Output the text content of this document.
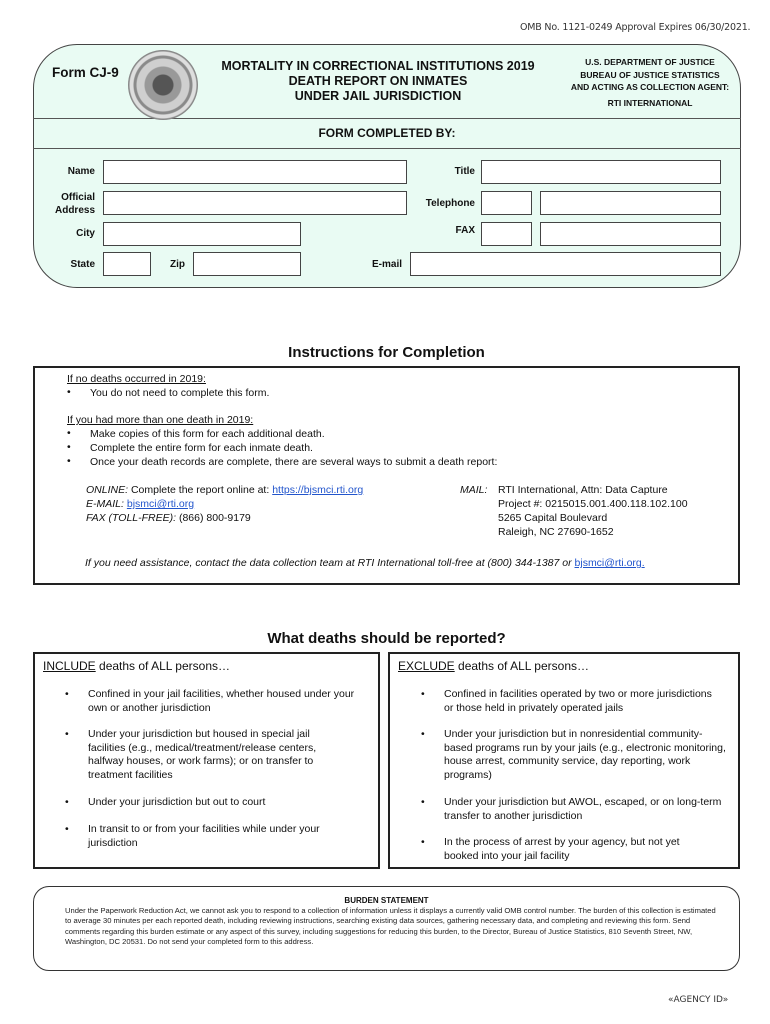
OMB No. 1121-0249 Approval Expires 06/30/2021.
Form CJ-9	MORTALITY IN CORRECTIONAL INSTITUTIONS 2019
DEATH REPORT ON INMATES
UNDER JAIL JURISDICTION
U.S. DEPARTMENT OF JUSTICE
BUREAU OF JUSTICE STATISTICS
AND ACTING AS COLLECTION AGENT:
RTI INTERNATIONAL
FORM COMPLETED BY:
Name
Official
Address
City
State	Zip
Title
Telephone
FAX
E-mail
Instructions for Completion
If no deaths occurred in 2019:
• You do not need to complete this form.
If you had more than one death in 2019:
• Make copies of this form for each additional death.
• Complete the entire form for each inmate death.
• Once your death records are complete, there are several ways to submit a death report:
ONLINE: Complete the report online at: https://bjsmci.rti.org
E-MAIL: bjsmci@rti.org
FAX (TOLL-FREE): (866) 800-9179
MAIL: RTI International, Attn: Data Capture
Project #: 0215015.001.400.118.102.100
5265 Capital Boulevard
Raleigh, NC 27690-1652
If you need assistance, contact the data collection team at RTI International toll-free at (800) 344-1387 or bjsmci@rti.org.
What deaths should be reported?
INCLUDE deaths of ALL persons…
• Confined in your jail facilities, whether housed under your own or another jurisdiction
• Under your jurisdiction but housed in special jail facilities (e.g., medical/treatment/release centers, halfway houses, or work farms); or on transfer to treatment facilities
• Under your jurisdiction but out to court
• In transit to or from your facilities while under your jurisdiction
EXCLUDE deaths of ALL persons…
• Confined in facilities operated by two or more jurisdictions or those held in privately operated jails
• Under your jurisdiction but in nonresidential community-based programs run by your jails (e.g., electronic monitoring, house arrest, community service, day reporting, work programs)
• Under your jurisdiction but AWOL, escaped, or on long-term transfer to another jurisdiction
• In the process of arrest by your agency, but not yet booked into your jail facility
BURDEN STATEMENT
Under the Paperwork Reduction Act, we cannot ask you to respond to a collection of information unless it displays a currently valid OMB control number. The burden of this collection is estimated to average 30 minutes per each reported death, including reviewing instructions, searching existing data sources, gathering necessary data, and completing and reviewing this form. Send comments regarding this burden estimate or any aspect of this survey, including suggestions for reducing this burden, to the Director, Bureau of Justice Statistics, 810 Seventh Street, NW, Washington, DC 20531. Do not send your completed form to this address.
«AGENCY ID»
